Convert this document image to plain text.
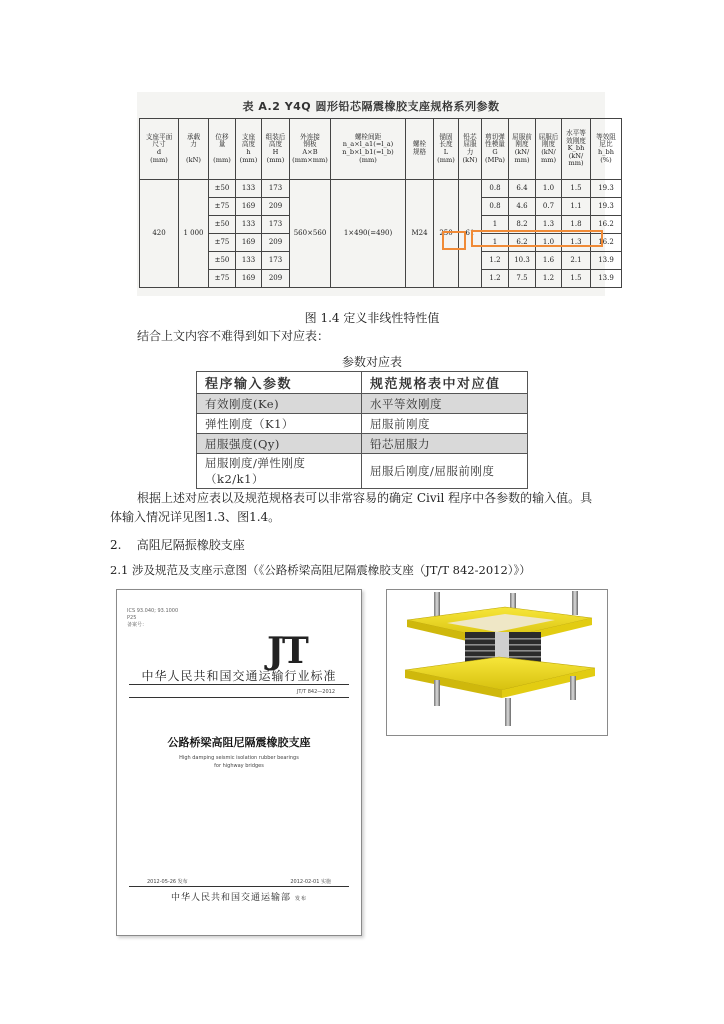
表 A.2 Y4Q 圆形铅芯隔震橡胶支座规格系列参数
支座平面
尺寸
d
(mm)	承载
力

(kN)	位移
量

(mm)	支座
高度
h
(mm)	组装后
高度
H
(mm)	外连接
钢板
A×B
(mm×mm)	螺栓间距
n_a×l_a1(=l_a)
n_b×l_b1(=l_b)
(mm)	螺栓
规格	锚固
长度
L
(mm)	铅芯
屈服
力
(kN)	剪切弹
性模量
G
(MPa)	屈服前
刚度
(kN/
mm)	屈服后
刚度
(kN/
mm)	水平等
效刚度
K_bh
(kN/
mm)	等效阻
尼比
h_bh
(%)
420	1 000	±50	133	173	560×560	1×490(=490)	M24	250	61	0.8	6.4	1.0	1.5	19.3
		±75	169	209						0.8	4.6	0.7	1.1	19.3
		±50	133	173						1	8.2	1.3	1.8	16.2
		±75	169	209						1	6.2	1.0	1.3	16.2
		±50	133	173						1.2	10.3	1.6	2.1	13.9
		±75	169	209						1.2	7.5	1.2	1.5	13.9
图 1.4 定义非线性特性值
结合上文内容不难得到如下对应表：
参数对应表
程序输入参数	规范规格表中对应值
有效刚度(Ke)	水平等效刚度
弹性刚度（K1）	屈服前刚度
屈服强度(Qy)	铅芯屈服力
屈服刚度/弹性刚度
（k2/k1）	屈服后刚度/屈服前刚度
根据上述对应表以及规范规格表可以非常容易的确定 Civil 程序中各参数的输入值。具
体输入情况详见图1.3、图1.4。
2.    高阻尼隔振橡胶支座
2.1 涉及规范及支座示意图（《公路桥梁高阻尼隔震橡胶支座（JT/T 842-2012）》）
ICS 93.040; 93.1000
P25
备案号：
JT
中华人民共和国交通运输行业标准
JT/T 842—2012
公路桥梁高阻尼隔震橡胶支座
High damping seismic isolation rubber bearings
for highway bridges
2012-05-26 发布	2012-02-01 实施
中华人民共和国交通运输部 发布
